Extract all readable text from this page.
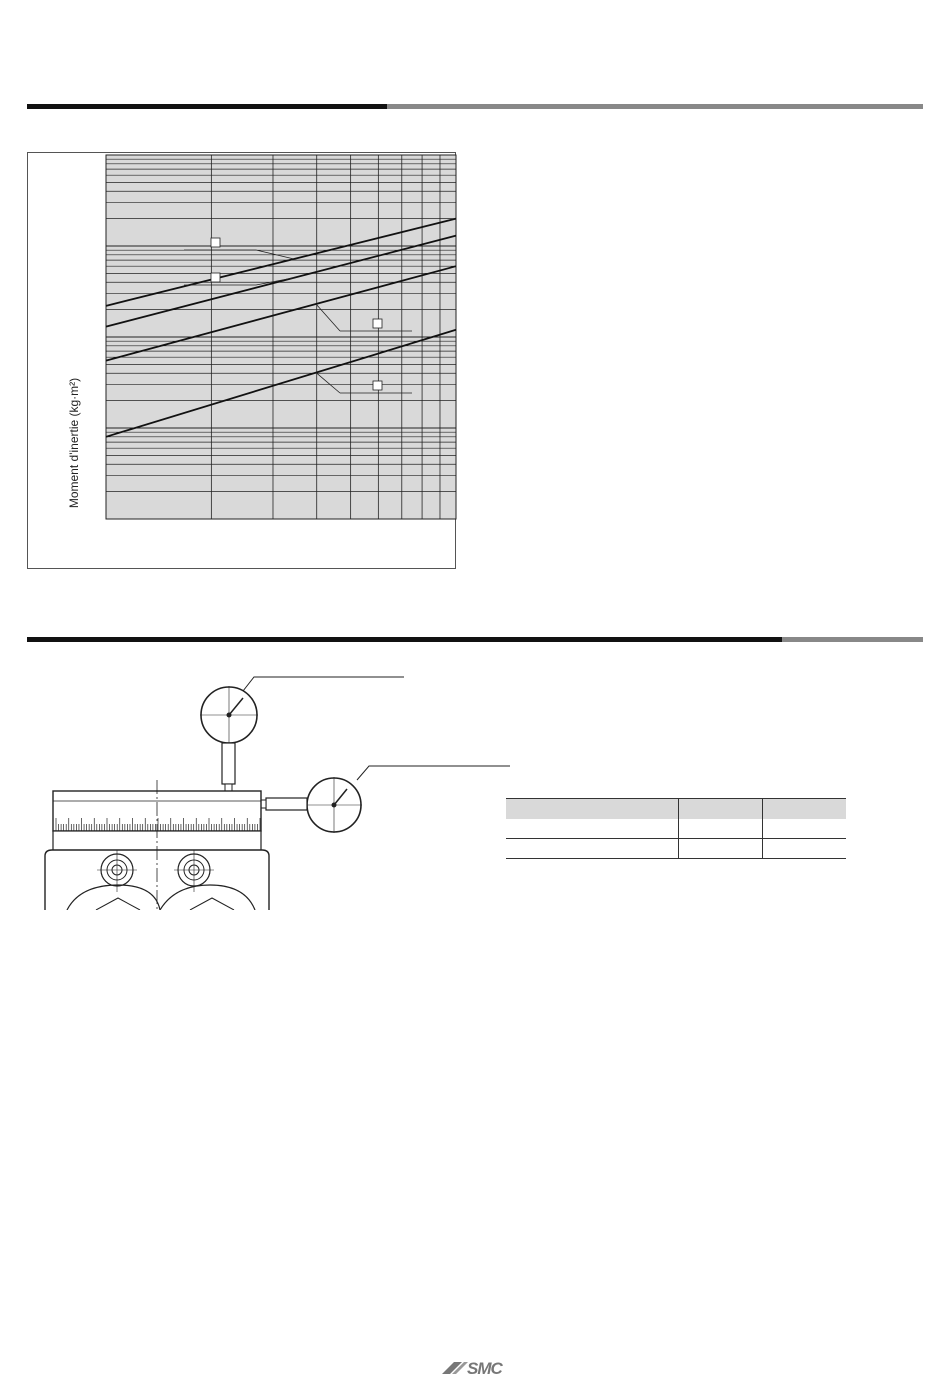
Moment d'inertie (kg·m²)

SMC
